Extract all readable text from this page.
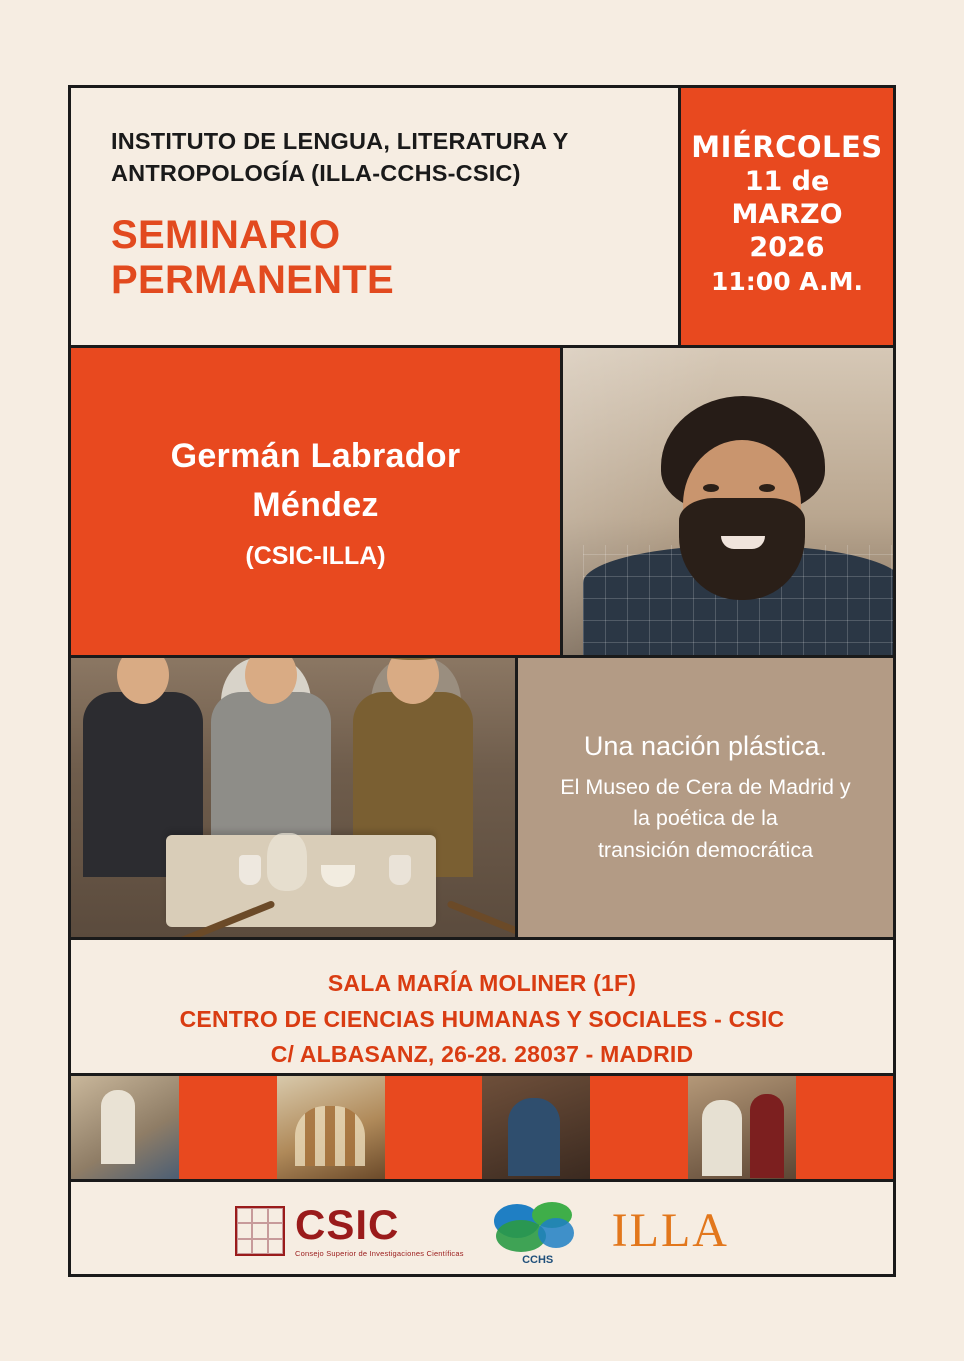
INSTITUTO DE LENGUA, LITERATURA Y
ANTROPOLOGÍA (ILLA-CCHS-CSIC)
SEMINARIO
PERMANENTE
MIÉRCOLES
11 de
MARZO
2026
11:00 A.M.
Germán Labrador
Méndez
(CSIC-ILLA)
Una nación plástica.
El Museo de Cera de Madrid y
la poética de la
transición democrática
SALA MARÍA MOLINER (1F)
CENTRO DE CIENCIAS HUMANAS Y SOCIALES - CSIC
C/ ALBASANZ, 26-28. 28037 - MADRID
CSIC
Consejo Superior de Investigaciones Científicas
CCHS
ILLA
